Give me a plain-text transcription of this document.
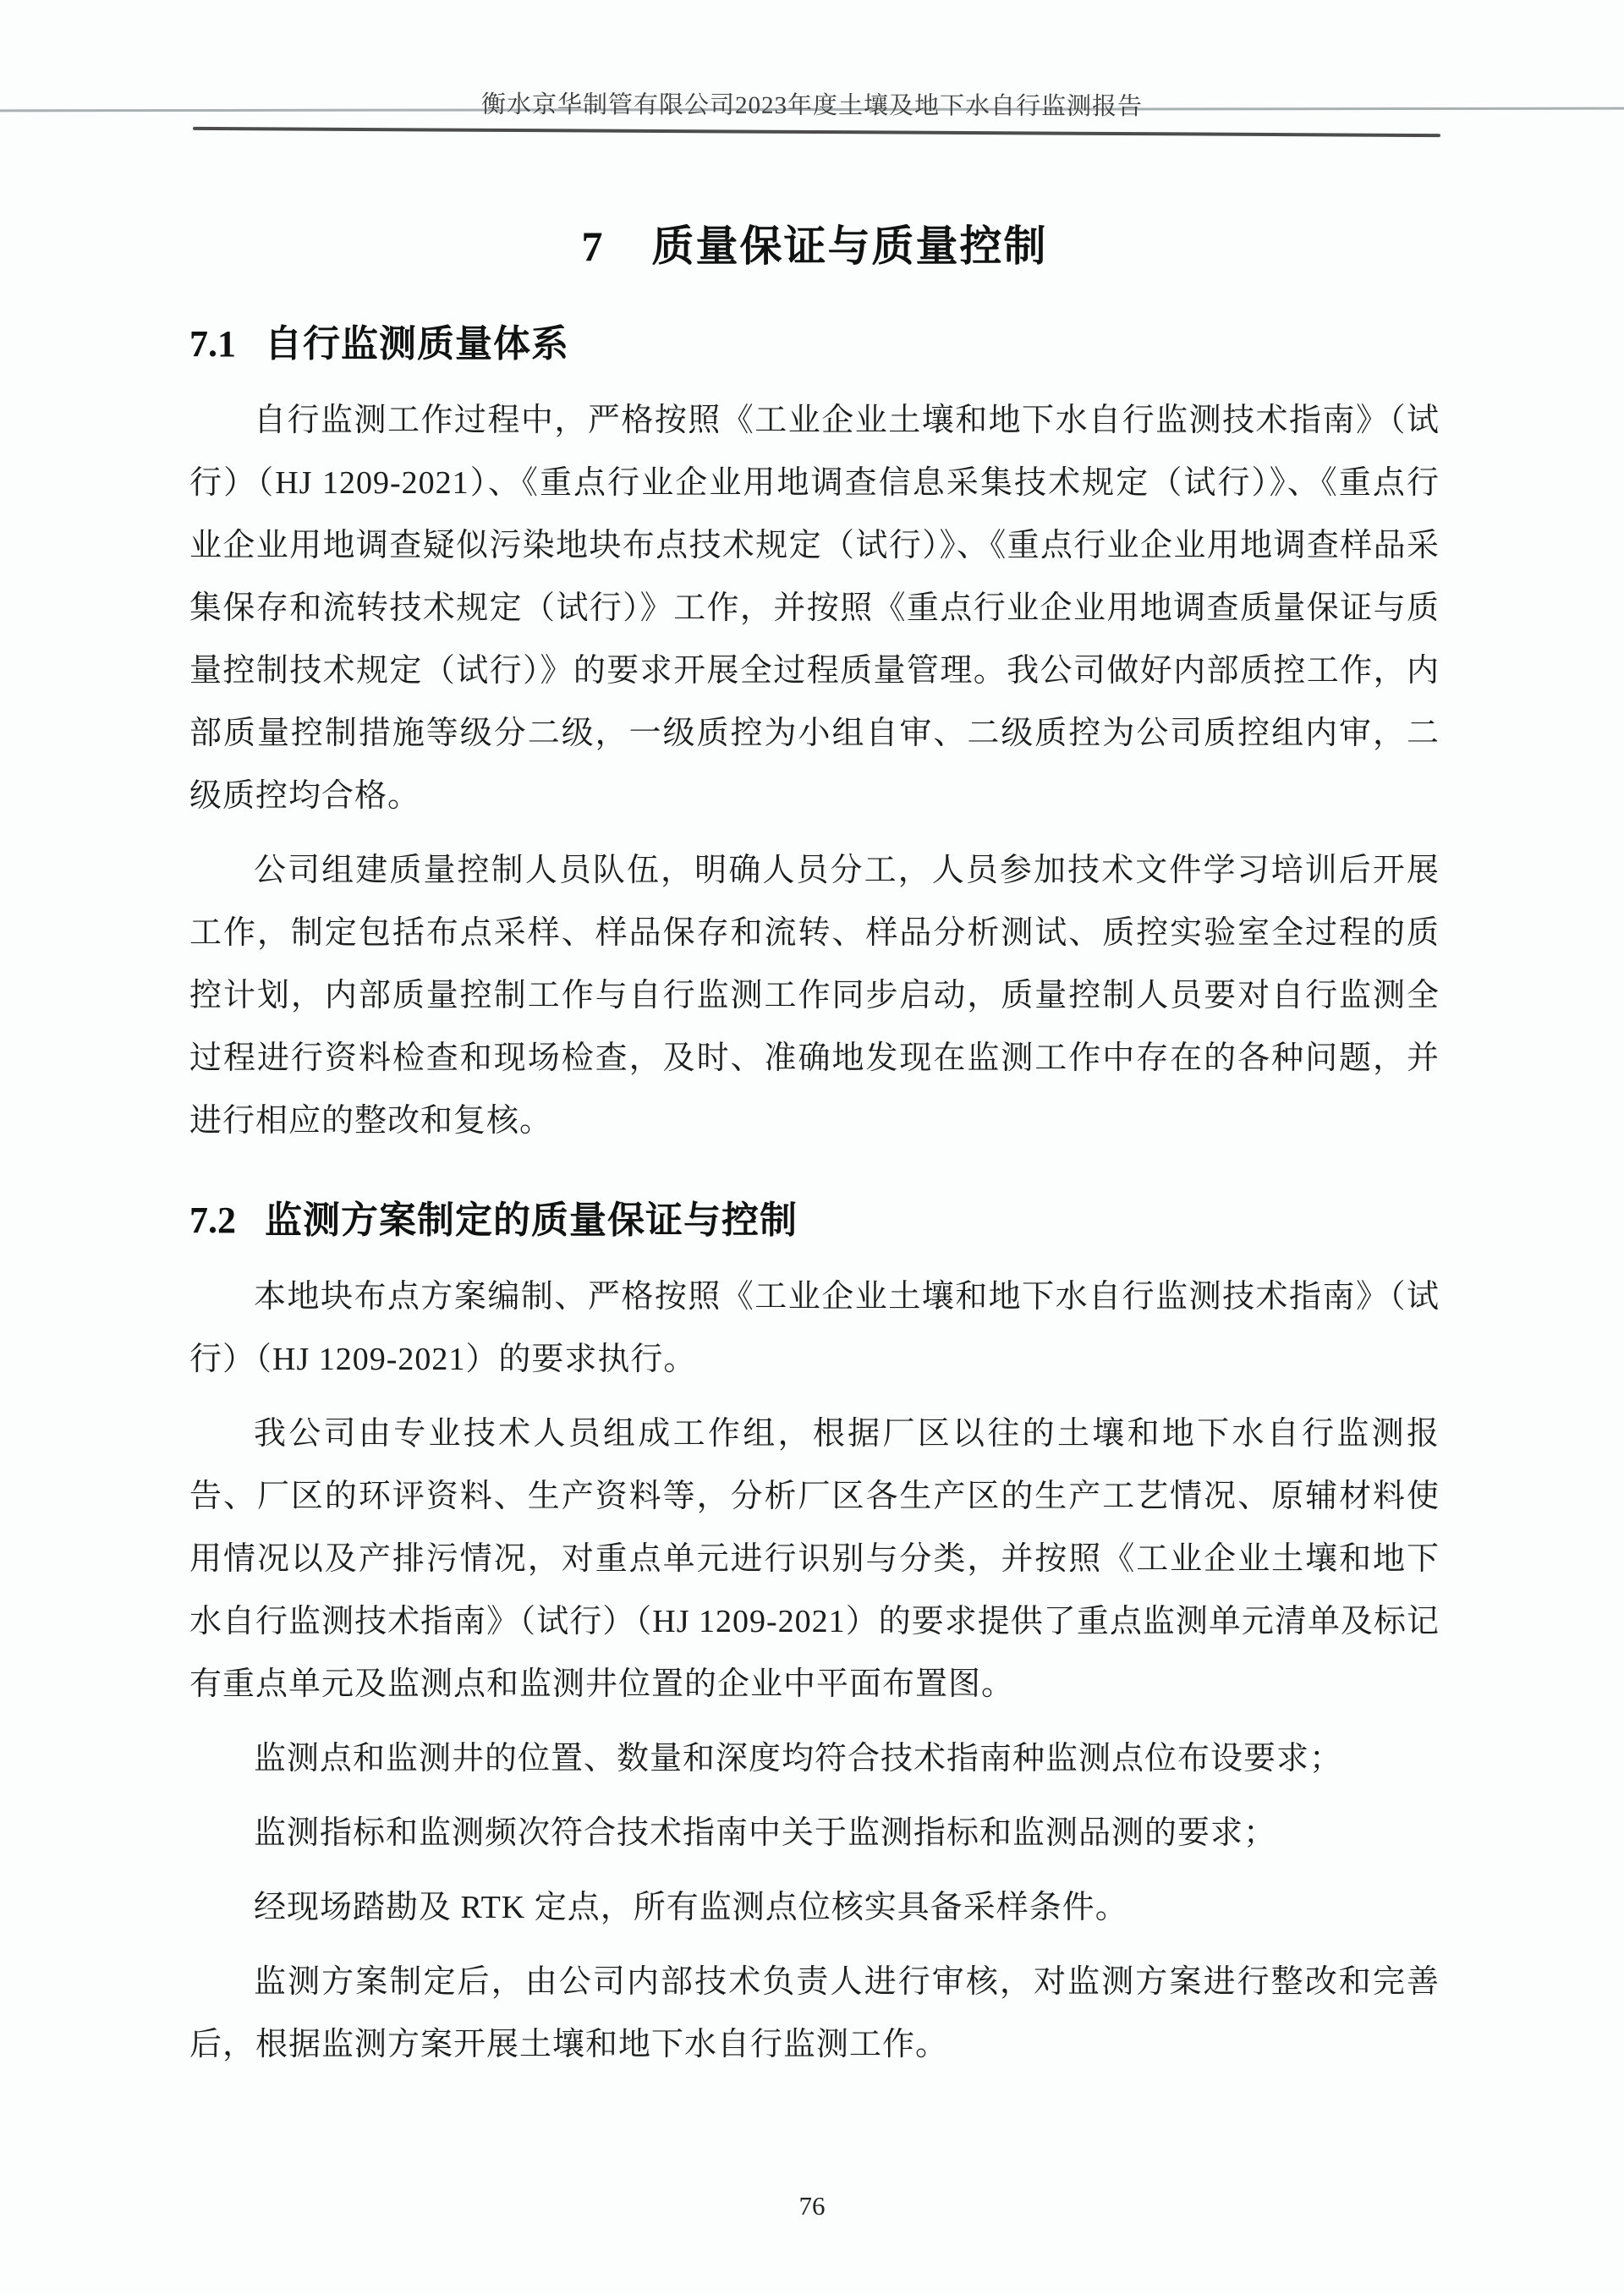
衡水京华制管有限公司2023年度土壤及地下水自行监测报告
7 质量保证与质量控制
7.1 自行监测质量体系

自行监测工作过程中，严格按照《工业企业土壤和地下水自行监测技术指南》（试行）（HJ 1209-2021）、《重点行业企业用地调查信息采集技术规定（试行）》、《重点行业企业用地调查疑似污染地块布点技术规定（试行）》、《重点行业企业用地调查样品采集保存和流转技术规定（试行）》工作，并按照《重点行业企业用地调查质量保证与质量控制技术规定（试行）》的要求开展全过程质量管理。我公司做好内部质控工作，内部质量控制措施等级分二级，一级质控为小组自审、二级质控为公司质控组内审，二级质控均合格。

公司组建质量控制人员队伍，明确人员分工，人员参加技术文件学习培训后开展工作，制定包括布点采样、样品保存和流转、样品分析测试、质控实验室全过程的质控计划，内部质量控制工作与自行监测工作同步启动，质量控制人员要对自行监测全过程进行资料检查和现场检查，及时、准确地发现在监测工作中存在的各种问题，并进行相应的整改和复核。

7.2 监测方案制定的质量保证与控制

本地块布点方案编制、严格按照《工业企业土壤和地下水自行监测技术指南》（试行）（HJ 1209-2021）的要求执行。

我公司由专业技术人员组成工作组，根据厂区以往的土壤和地下水自行监测报告、厂区的环评资料、生产资料等，分析厂区各生产区的生产工艺情况、原辅材料使用情况以及产排污情况，对重点单元进行识别与分类，并按照《工业企业土壤和地下水自行监测技术指南》（试行）（HJ 1209-2021）的要求提供了重点监测单元清单及标记有重点单元及监测点和监测井位置的企业中平面布置图。

监测点和监测井的位置、数量和深度均符合技术指南种监测点位布设要求；

监测指标和监测频次符合技术指南中关于监测指标和监测品测的要求；

经现场踏勘及 RTK 定点，所有监测点位核实具备采样条件。

监测方案制定后，由公司内部技术负责人进行审核，对监测方案进行整改和完善后，根据监测方案开展土壤和地下水自行监测工作。

76
